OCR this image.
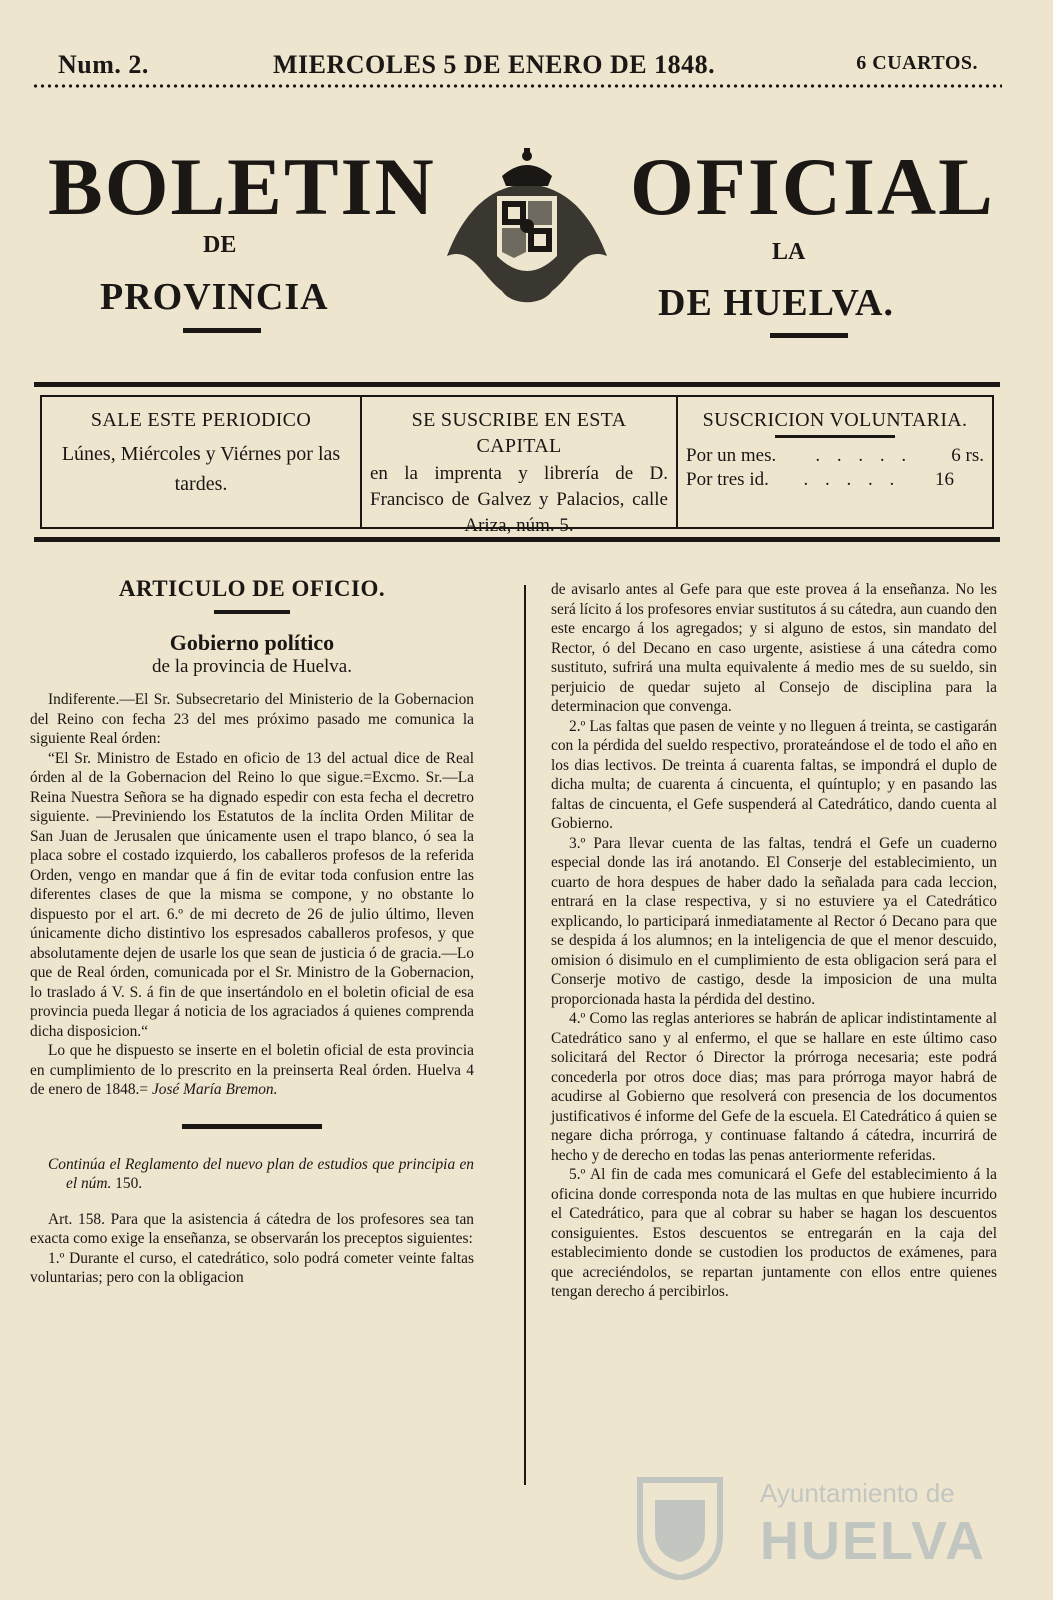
Num. 2.	MIERCOLES 5 DE ENERO DE 1848.	6 CUARTOS.
BOLETIN OFICIAL
DE	LA
PROVINCIA	DE HUELVA.
SALE ESTE PERIODICO
Lúnes, Miércoles y Viérnes por las tardes.
SE SUSCRIBE EN ESTA CAPITAL
en la imprenta y librería de D. Francisco de Galvez y Palacios, calle Ariza, núm. 5.
SUSCRICION VOLUNTARIA.
Por un mes.	. . . . .	6 rs.
Por tres id.	. . . . .	16
ARTICULO DE OFICIO.
Gobierno político
de la provincia de Huelva.

Indiferente.—El Sr. Subsecretario del Ministerio de la Gobernacion del Reino con fecha 23 del mes próximo pasado me comunica la siguiente Real órden:

“El Sr. Ministro de Estado en oficio de 13 del actual dice de Real órden al de la Gobernacion del Reino lo que sigue.=Excmo. Sr.—La Reina Nuestra Señora se ha dignado espedir con esta fecha el decretro siguiente. —Previniendo los Estatutos de la ínclita Orden Militar de San Juan de Jerusalen que únicamente usen el trapo blanco, ó sea la placa sobre el costado izquierdo, los caballeros profesos de la referida Orden, vengo en mandar que á fin de evitar toda confusion entre las diferentes clases de que la misma se compone, y no obstante lo dispuesto por el art. 6.º de mi decreto de 26 de julio último, lleven únicamente dicho distintivo los espresados caballeros profesos, y que absolutamente dejen de usarle los que sean de justicia ó de gracia.—Lo que de Real órden, comunicada por el Sr. Ministro de la Gobernacion, lo traslado á V. S. á fin de que insertándolo en el boletin oficial de esa provincia pueda llegar á noticia de los agraciados á quienes comprenda dicha disposicion.“

Lo que he dispuesto se inserte en el boletin oficial de esta provincia en cumplimiento de lo prescrito en la preinserta Real órden. Huelva 4 de enero de 1848.= José María Bremon.

Continúa el Reglamento del nuevo plan de estudios que principia en el núm. 150.

Art. 158. Para que la asistencia á cátedra de los profesores sea tan exacta como exige la enseñanza, se observarán los preceptos siguientes:

1.º Durante el curso, el catedrático, solo podrá cometer veinte faltas voluntarias; pero con la obligacion

de avisarlo antes al Gefe para que este provea á la enseñanza. No les será lícito á los profesores enviar sustitutos á su cátedra, aun cuando den este encargo á los agregados; y si alguno de estos, sin mandato del Rector, ó del Decano en caso urgente, asistiese á una cátedra como sustituto, sufrirá una multa equivalente á medio mes de su sueldo, sin perjuicio de quedar sujeto al Consejo de disciplina para la determinacion que convenga.

2.º Las faltas que pasen de veinte y no lleguen á treinta, se castigarán con la pérdida del sueldo respectivo, prorateándose el de todo el año en los dias lectivos. De treinta á cuarenta faltas, se impondrá el duplo de dicha multa; de cuarenta á cincuenta, el quíntuplo; y en pasando las faltas de cincuenta, el Gefe suspenderá al Catedrático, dando cuenta al Gobierno.

3.º Para llevar cuenta de las faltas, tendrá el Gefe un cuaderno especial donde las irá anotando. El Conserje del establecimiento, un cuarto de hora despues de haber dado la señalada para cada leccion, entrará en la clase respectiva, y si no estuviere ya el Catedrático explicando, lo participará inmediatamente al Rector ó Decano para que se despida á los alumnos; en la inteligencia de que el menor descuido, omision ó disimulo en el cumplimiento de esta obligacion será para el Conserje motivo de castigo, desde la imposicion de una multa proporcionada hasta la pérdida del destino.

4.º Como las reglas anteriores se habrán de aplicar indistintamente al Catedrático sano y al enfermo, el que se hallare en este último caso solicitará del Rector ó Director la prórroga necesaria; este podrá concederla por otros doce dias; mas para prórroga mayor habrá de acudirse al Gobierno que resolverá con presencia de los documentos justificativos é informe del Gefe de la escuela. El Catedrático á quien se negare dicha prórroga, y continuase faltando á cátedra, incurrirá de hecho y de derecho en todas las penas anteriormente referidas.

5.º Al fin de cada mes comunicará el Gefe del establecimiento á la oficina donde corresponda nota de las multas en que hubiere incurrido el Catedrático, para que al cobrar su haber se hagan los descuentos consiguientes. Estos descuentos se entregarán en la caja del establecimiento donde se custodien los productos de exámenes, para que acreciéndolos, se repartan juntamente con ellos entre quienes tengan derecho á percibirlos.

Ayuntamiento de
HUELVA
